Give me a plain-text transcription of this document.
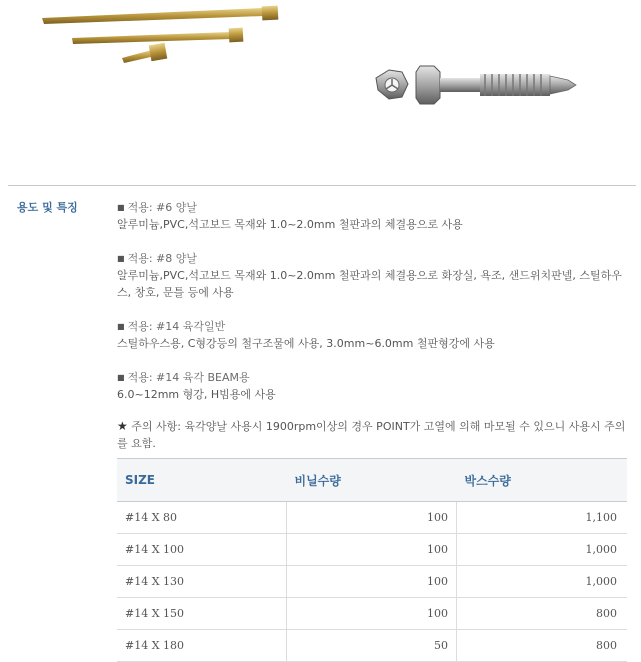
용도 및 특징	■ 적용: #6 양날
알루미늄,PVC,석고보드 목재와 1.0~2.0mm 철판과의 체결용으로 사용
■ 적용: #8 양날
알루미늄,PVC,석고보드 목재와 1.0~2.0mm 철판과의 체결용으로 화장실, 욕조, 샌드위치판넬, 스틸하우스, 창호, 문틀 등에 사용
■ 적용: #14 육각일반
스틸하우스용, C형강등의 철구조물에 사용, 3.0mm~6.0mm 철판형강에 사용
■ 적용: #14 육각 BEAM용
6.0~12mm 형강, H빔용에 사용
★ 주의 사항: 육각양날 사용시 1900rpm이상의 경우 POINT가 고열에 의해 마모될 수 있으니 사용시 주의를 요함.
SIZE	비닐수량	박스수량
#14 X 80	100	1,100
#14 X 100	100	1,000
#14 X 130	100	1,000
#14 X 150	100	800
#14 X 180	50	800
